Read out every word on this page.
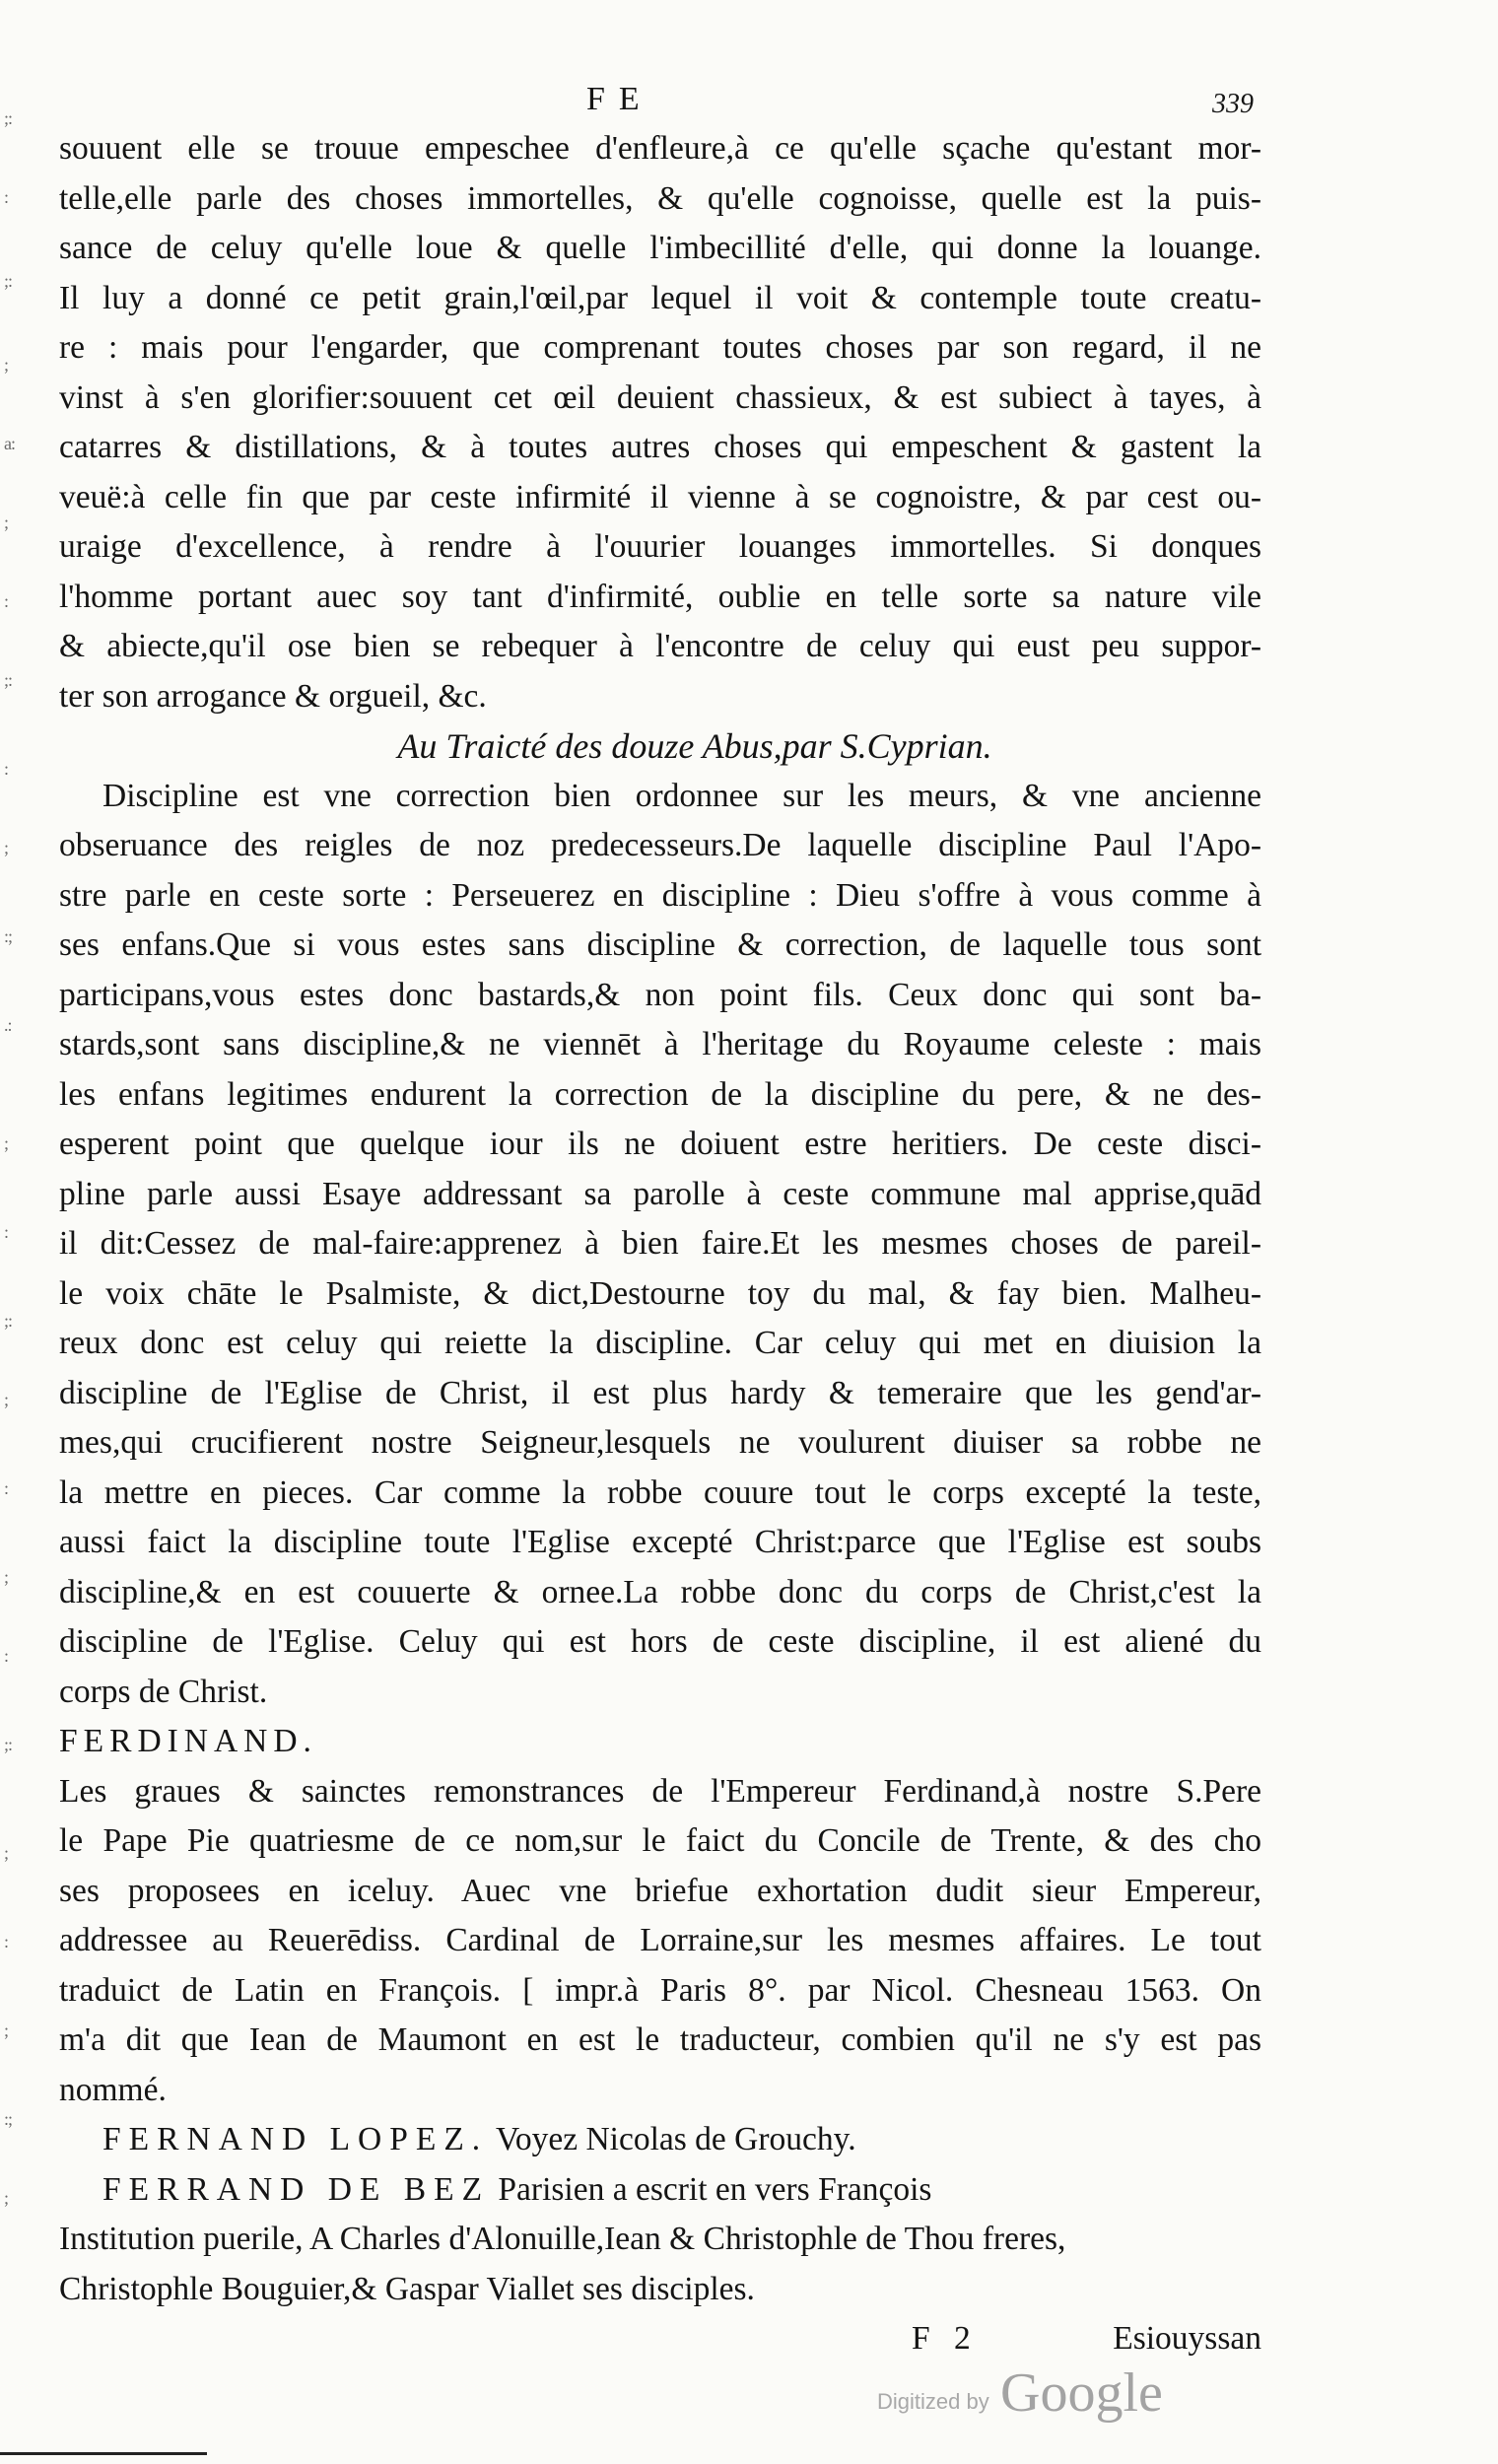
;:
:
;:
;
a:
;
:
;:
:
;
:;
.:
;
:
;:
;
:
;
:
;:
;
:
;
:;
;
FE	339
souuent elle se trouue empeschee d'enfleure,à ce qu'elle sçache qu'estant mor-
telle,elle parle des choses immortelles, & qu'elle cognoisse, quelle est la puis-
sance de celuy qu'elle loue & quelle l'imbecillité d'elle, qui donne la louange.
Il luy a donné ce petit grain,l'œil,par lequel il voit & contemple toute creatu-
re : mais pour l'engarder, que comprenant toutes choses par son regard, il ne
vinst à s'en glorifier:souuent cet œil deuient chassieux, & est subiect à tayes, à
catarres & distillations, & à toutes autres choses qui empeschent & gastent la
veuë:à celle fin que par ceste infirmité il vienne à se cognoistre, & par cest ou-
uraige d'excellence, à rendre à l'ouurier louanges immortelles. Si donques
l'homme portant auec soy tant d'infirmité, oublie en telle sorte sa nature vile
& abiecte,qu'il ose bien se rebequer à l'encontre de celuy qui eust peu suppor-
ter son arrogance & orgueil, &c.
Au Traicté des douze Abus,par S.Cyprian.
Discipline est vne correction bien ordonnee sur les meurs, & vne ancienne
obseruance des reigles de noz predecesseurs.De laquelle discipline Paul l'Apo-
stre parle en ceste sorte : Perseuerez en discipline : Dieu s'offre à vous comme à
ses enfans.Que si vous estes sans discipline & correction, de laquelle tous sont
participans,vous estes donc bastards,& non point fils. Ceux donc qui sont ba-
stards,sont sans discipline,& ne viennēt à l'heritage du Royaume celeste : mais
les enfans legitimes endurent la correction de la discipline du pere, & ne des-
esperent point que quelque iour ils ne doiuent estre heritiers. De ceste disci-
pline parle aussi Esaye addressant sa parolle à ceste commune mal apprise,quād
il dit:Cessez de mal-faire:apprenez à bien faire.Et les mesmes choses de pareil-
le voix chāte le Psalmiste, & dict,Destourne toy du mal, & fay bien. Malheu-
reux donc est celuy qui reiette la discipline. Car celuy qui met en diuision la
discipline de l'Eglise de Christ, il est plus hardy & temeraire que les gend'ar-
mes,qui crucifierent nostre Seigneur,lesquels ne voulurent diuiser sa robbe ne
la mettre en pieces. Car comme la robbe couure tout le corps excepté la teste,
aussi faict la discipline toute l'Eglise excepté Christ:parce que l'Eglise est soubs
discipline,& en est couuerte & ornee.La robbe donc du corps de Christ,c'est la
discipline de l'Eglise. Celuy qui est hors de ceste discipline, il est aliené du
corps de Christ.
FERDINAND.
Les graues & sainctes remonstrances de l'Empereur Ferdinand,à nostre S.Pere
le Pape Pie quatriesme de ce nom,sur le faict du Concile de Trente, & des cho
ses proposees en iceluy. Auec vne briefue exhortation dudit sieur Empereur,
addressee au Reuerēdiss. Cardinal de Lorraine,sur les mesmes affaires. Le tout
traduict de Latin en François. [ impr.à Paris 8°. par Nicol. Chesneau 1563. On
m'a dit que Iean de Maumont en est le traducteur, combien qu'il ne s'y est pas
nommé.
FERNAND LOPEZ. Voyez Nicolas de Grouchy.
FERRAND DE BEZ Parisien a escrit en vers François
Institution puerile, A Charles d'Alonuille,Iean & Christophle de Thou freres,
Christophle Bouguier,& Gaspar Viallet ses disciples.
F 2	Esiouyssan
Digitized by Google
